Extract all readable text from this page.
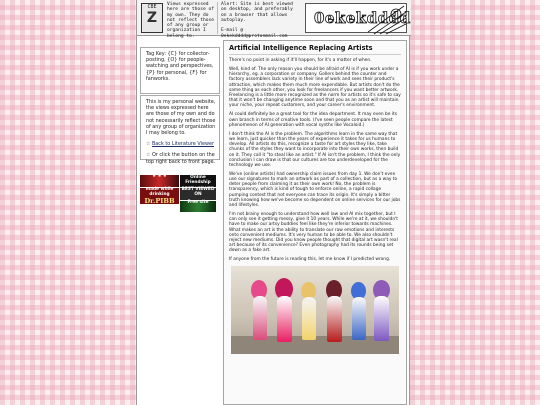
CBE
Z
Views expressed here are those of my own. They do not reflect those of any group or organization I belong to.
Alert: Site is best viewed on desktop, and preferably on a browser that allows autoplay.

E-mail @
0ekekdddd@protonmail.com
0ekekdddd
Tag Key: {C} for collector-posting, {O} for people-watching and perspectives, {P} for personal, {F} for fanworks.
This is my personal website, the views expressed here are those of my own and do not necessarily reflect those of any group of organization I may belong to.
☆ Back to Literature Viewer
☆ Or click the button on the top right back to front page.
★ ★ ★	Online Friendship
made while drinking
Dr.PIBB
BEST VIEWED ON
Free site
Artificial Intelligence Replacing Artists

There's no point in asking if it'll happen, for it's a matter of when.

Well, kind of. The only reason you should be afraid of AI is if you work under a hierarchy, eg. a corporation or company. Gollers behind the counter and factory assemblers lack variety in their line of work and sees their product's attraction, which makes them much more expendable. But artists don't do the same thing as each other, you look for freelancers if you want better artwork. Freelancing is a little more recognized as the norm for artists so it's safe to say that it won't be changing anytime soon and that you as an artist will maintain your niche, your repeat customers, and your career's environment.

AI could definitely be a great tool for the idea department. It may even be its own branch in terms of creative tools. (I've seen people compare the latest phenomenon of AI generation with vocal synths like Vocaloid.)

I don't think the AI is the problem. The algorithms learn in the same way that we learn, just quicker than the years of experience it takes for us humans to develop. All artists do this, recognize a taste for art styles they like, take chunks of the styles they want to incorporate into their own works, then build on it. They call it "to steal like an artist." If AI isn't the problem, I think the only conclusion I can draw is that our cultures are too underdeveloped for the technology we use.

We've (online artists) had ownership claim issues from day 1. We don't even use our signatures to mark an artwork as part of a collection, but as a way to deter people from claiming it as their own work! No, the problem is transparency, which is kind of tough to enforce online, a rapid collage pumping contest that not everyone can trace its origin. It's simply a bitter truth knowing how we've become so dependent on online services for our jobs and lifestyles.

I'm not brainy enough to understand how well law and AI mix together, but I can only see it getting messy, give it 10 years. While we're at it, we shouldn't have to make our artsy buddies feel like they're inferior towards machines. What makes an art is the ability to translate our raw emotions and interests onto convenient mediums. It's very human to be able to. We also shouldn't reject new mediums. Did you know people thought that digital art wasn't real art because of its convenience? Even photography had its rounds being set down as a fake art.

If anyone from the future is reading this, let me know if I predicted wrong.
